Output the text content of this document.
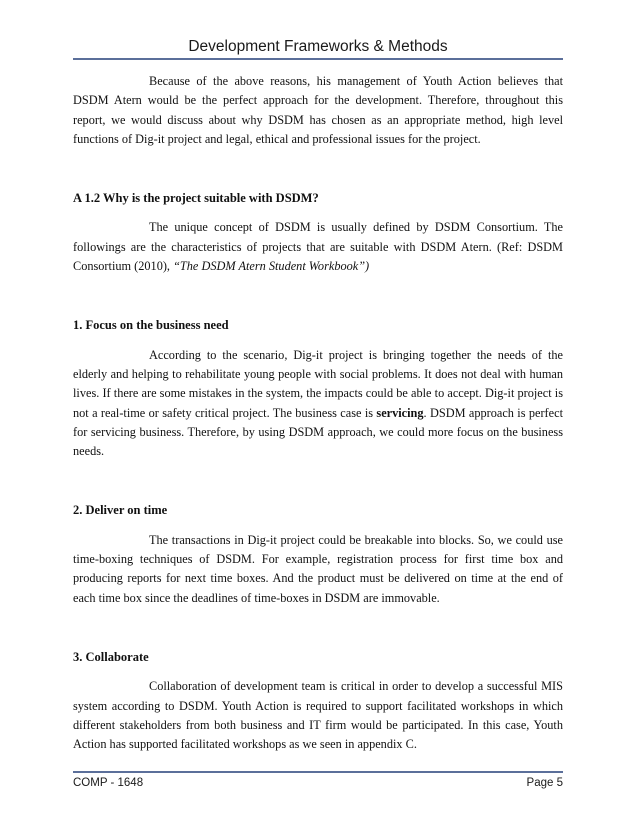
Development Frameworks & Methods

Because of the above reasons, his management of Youth Action believes that DSDM Atern would be the perfect approach for the development. Therefore, throughout this report, we would discuss about why DSDM has chosen as an appropriate method, high level functions of Dig-it project and legal, ethical and professional issues for the project.

A 1.2 Why is the project suitable with DSDM?

The unique concept of DSDM is usually defined by DSDM Consortium. The followings are the characteristics of projects that are suitable with DSDM Atern. (Ref: DSDM Consortium (2010), “The DSDM Atern Student Workbook”)

1. Focus on the business need

According to the scenario, Dig-it project is bringing together the needs of the elderly and helping to rehabilitate young people with social problems. It does not deal with human lives. If there are some mistakes in the system, the impacts could be able to accept. Dig-it project is not a real-time or safety critical project. The business case is servicing. DSDM approach is perfect for servicing business. Therefore, by using DSDM approach, we could more focus on the business needs.

2. Deliver on time

The transactions in Dig-it project could be breakable into blocks. So, we could use time-boxing techniques of DSDM. For example, registration process for first time box and producing reports for next time boxes. And the product must be delivered on time at the end of each time box since the deadlines of time-boxes in DSDM are immovable.

3. Collaborate

Collaboration of development team is critical in order to develop a successful MIS system according to DSDM. Youth Action is required to support facilitated workshops in which different stakeholders from both business and IT firm would be participated. In this case, Youth Action has supported facilitated workshops as we seen in appendix C.

COMP - 1648	Page 5
